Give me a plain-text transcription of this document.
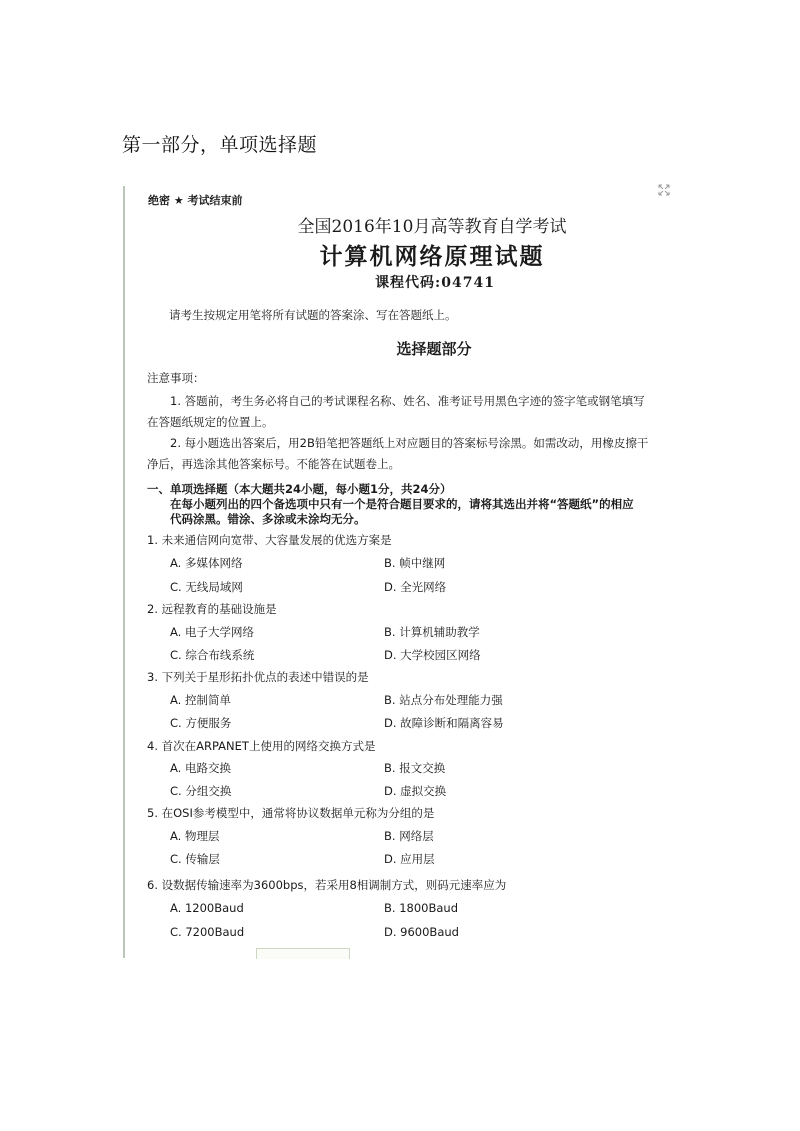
第一部分，单项选择题
绝密 ★ 考试结束前
全国2016年10月高等教育自学考试
计算机网络原理试题
课程代码:04741
请考生按规定用笔将所有试题的答案涂、写在答题纸上。
选择题部分
注意事项：
1. 答题前，考生务必将自己的考试课程名称、姓名、准考证号用黑色字迹的签字笔或钢笔填写在答题纸规定的位置上。
2. 每小题选出答案后，用2B铅笔把答题纸上对应题目的答案标号涂黑。如需改动，用橡皮擦干净后，再选涂其他答案标号。不能答在试题卷上。
一、单项选择题（本大题共24小题，每小题1分，共24分）
在每小题列出的四个备选项中只有一个是符合题目要求的，请将其选出并将“答题纸”的相应代码涂黑。错涂、多涂或未涂均无分。
1. 未来通信网向宽带、大容量发展的优选方案是
A. 多媒体网络	B. 帧中继网
C. 无线局域网	D. 全光网络
2. 远程教育的基础设施是
A. 电子大学网络	B. 计算机辅助教学
C. 综合布线系统	D. 大学校园区网络
3. 下列关于星形拓扑优点的表述中错误的是
A. 控制简单	B. 站点分布处理能力强
C. 方便服务	D. 故障诊断和隔离容易
4. 首次在ARPANET上使用的网络交换方式是
A. 电路交换	B. 报文交换
C. 分组交换	D. 虚拟交换
5. 在OSI参考模型中，通常将协议数据单元称为分组的是
A. 物理层	B. 网络层
C. 传输层	D. 应用层
6. 设数据传输速率为3600bps，若采用8相调制方式，则码元速率应为
A. 1200Baud	B. 1800Baud
C. 7200Baud	D. 9600Baud
